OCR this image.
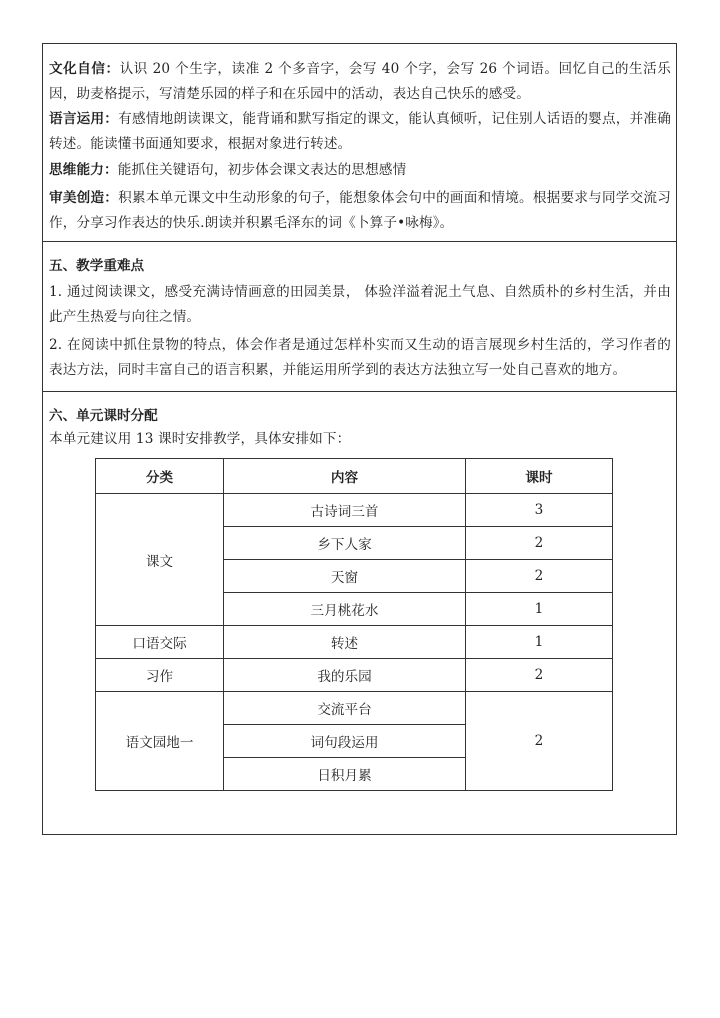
文化自信：认识 20 个生字，读准 2 个多音字，会写 40 个字，会写 26 个词语。回忆自己的生活乐因，助麦格提示，写清楚乐园的样子和在乐园中的活动，表达自己快乐的感受。

语言运用：有感情地朗读课文，能背诵和默写指定的课文，能认真倾听，记住别人话语的婴点，并准确转述。能读懂书面通知要求，根据对象进行转述。

思维能力：能抓住关键语句，初步体会课文表达的思想感情

审美创造：积累本单元课文中生动形象的句子，能想象体会句中的画面和情境。根据要求与同学交流习作，分享习作表达的快乐.朗读并积累毛泽东的词《卜算子•咏梅》。

五、教学重难点

1. 通过阅读课文，感受充满诗情画意的田园美景， 体验洋溢着泥土气息、自然质朴的乡村生活，并由此产生热爱与向往之情。

2. 在阅读中抓住景物的特点，体会作者是通过怎样朴实而又生动的语言展现乡村生活的，学习作者的表达方法，同时丰富自己的语言积累，并能运用所学到的表达方法独立写一处自己喜欢的地方。

六、单元课时分配

本单元建议用 13 课时安排教学，具体安排如下：

分类	内容	课时
课文	古诗词三首	3
	乡下人家	2
	天窗	2
	三月桃花水	1
口语交际	转述	1
习作	我的乐园	2
语文园地一	交流平台	2
	词句段运用	
	日积月累	
